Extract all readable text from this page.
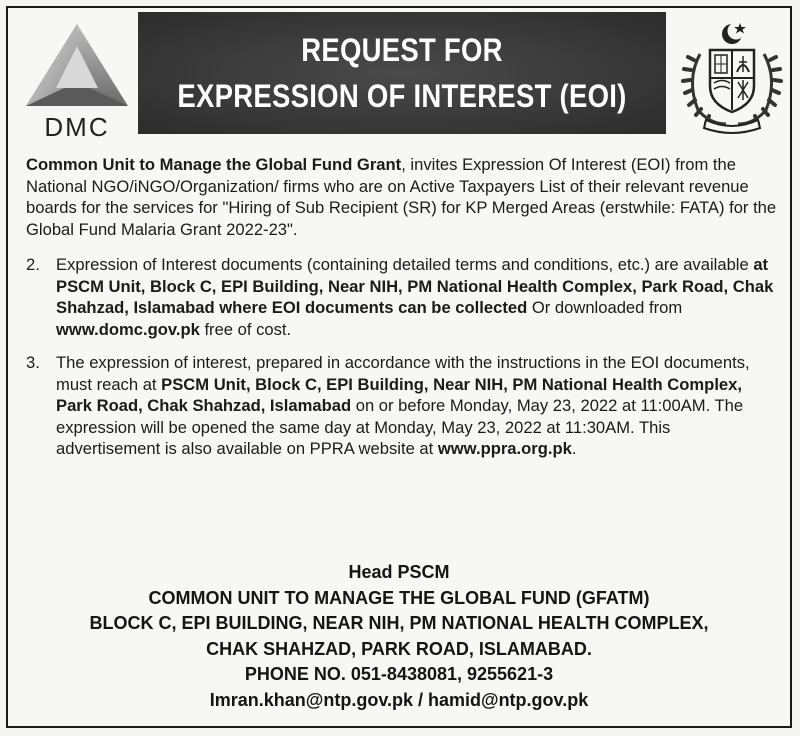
DMC
REQUEST FOR
EXPRESSION OF INTEREST (EOI)

Common Unit to Manage the Global Fund Grant, invites Expression Of Interest (EOI) from the National NGO/iNGO/Organization/ firms who are on Active Taxpayers List of their relevant revenue boards for the services for "Hiring of Sub Recipient (SR) for KP Merged Areas (erstwhile: FATA) for the Global Fund Malaria Grant 2022-23".

2. Expression of Interest documents (containing detailed terms and conditions, etc.) are available at PSCM Unit, Block C, EPI Building, Near NIH, PM National Health Complex, Park Road, Chak Shahzad, Islamabad where EOI documents can be collected Or downloaded from www.domc.gov.pk free of cost.
3. The expression of interest, prepared in accordance with the instructions in the EOI documents, must reach at PSCM Unit, Block C, EPI Building, Near NIH, PM National Health Complex, Park Road, Chak Shahzad, Islamabad on or before Monday, May 23, 2022 at 11:00AM. The expression will be opened the same day at Monday, May 23, 2022 at 11:30AM. This advertisement is also available on PPRA website at www.ppra.org.pk.
Head PSCM
COMMON UNIT TO MANAGE THE GLOBAL FUND (GFATM)
BLOCK C, EPI BUILDING, NEAR NIH, PM NATIONAL HEALTH COMPLEX,
CHAK SHAHZAD, PARK ROAD, ISLAMABAD.
PHONE NO. 051-8438081, 9255621-3
Imran.khan@ntp.gov.pk / hamid@ntp.gov.pk
